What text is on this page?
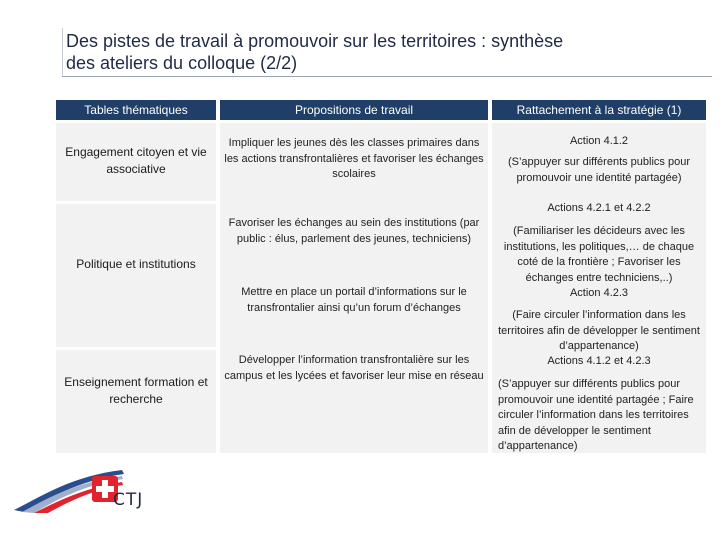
Des pistes de travail à promouvoir sur les territoires : synthèse
des ateliers du colloque (2/2)
Tables thématiques	Propositions de travail	Rattachement à la stratégie (1)
Engagement citoyen et vie associative
Politique et institutions
Enseignement formation et recherche
Impliquer les jeunes dès les classes primaires dans les actions transfrontalières et favoriser les échanges scolaires
Favoriser les échanges au sein des institutions (par public : élus, parlement des jeunes, techniciens)
Mettre en place un portail d’informations sur le transfrontalier ainsi qu’un forum d’échanges
Développer l’information transfrontalière sur les campus et les lycées et favoriser leur mise en réseau
Action 4.1.2
(S’appuyer sur différents publics pour promouvoir une identité partagée)
Actions 4.2.1 et 4.2.2
(Familiariser les décideurs avec les institutions, les politiques,… de chaque coté de la frontière ; Favoriser les échanges entre techniciens,..)
Action 4.2.3
(Faire circuler l’information dans les territoires afin de développer le sentiment d’appartenance)
Actions 4.1.2 et 4.2.3
(S’appuyer sur différents publics pour promouvoir une identité partagée ; Faire circuler l’information dans les territoires afin de développer le sentiment d’appartenance)
CTJ
